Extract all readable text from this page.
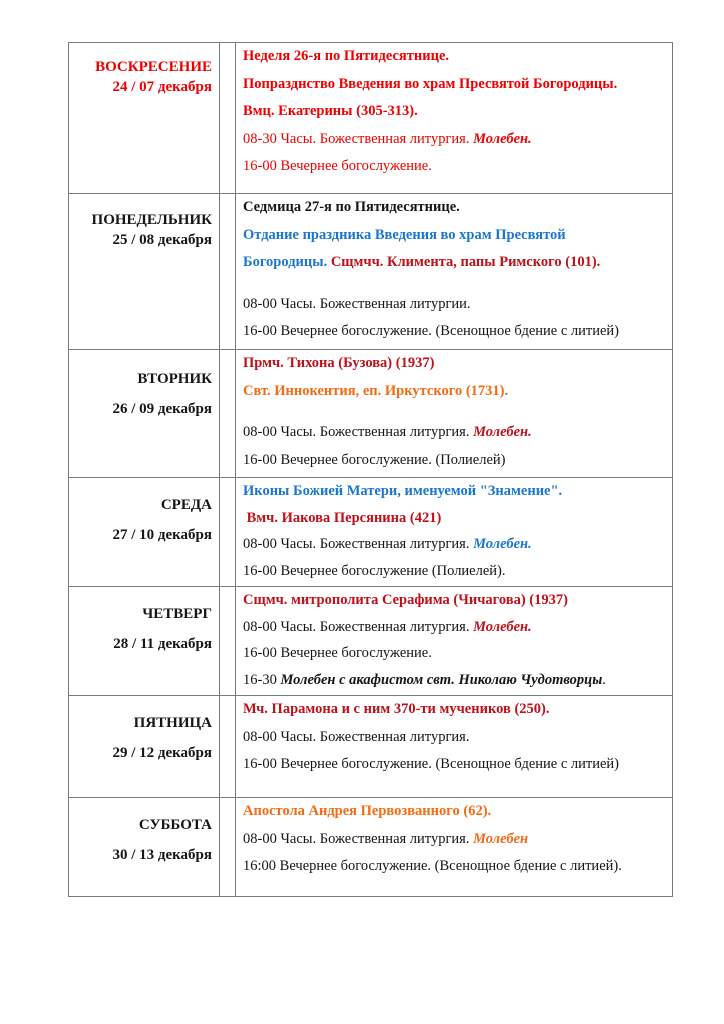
ВОСКРЕСЕНИЕ
24 / 07 декабря		Неделя 26-я по Пятидесятнице.
Попразднство Введения во храм Пресвятой Богородицы.
Вмц. Екатерины (305-313).
08-30 Часы. Божественная литургия. Молебен.
16-00 Вечернее богослужение.

ПОНЕДЕЛЬНИК
25 / 08 декабря		Седмица 27-я по Пятидесятнице.
Отдание праздника Введения во храм Пресвятой
Богородицы. Сщмчч. Климента, папы Римского (101).
08-00 Часы. Божественная литургии.
16-00 Вечернее богослужение. (Всенощное бдение с литией)

ВТОРНИК
26 / 09 декабря		Прмч. Тихона (Бузова) (1937)
Свт. Иннокентия, еп. Иркутского (1731).
08-00 Часы. Божественная литургия. Молебен.
16-00 Вечернее богослужение. (Полиелей)

СРЕДА
27 / 10 декабря		Иконы Божией Матери, именуемой "Знамение".
Вмч. Иакова Персянина (421)
08-00 Часы. Божественная литургия. Молебен.
16-00 Вечернее богослужение (Полиелей).

ЧЕТВЕРГ
28 / 11 декабря		Сщмч. митрополита Серафима (Чичагова) (1937)
08-00 Часы. Божественная литургия. Молебен.
16-00 Вечернее богослужение.
16-30 Молебен с акафистом свт. Николаю Чудотворцы.

ПЯТНИЦА
29 / 12 декабря		Мч. Парамона и с ним 370-ти мучеников (250).
08-00 Часы. Божественная литургия.
16-00 Вечернее богослужение. (Всенощное бдение с литией)

СУББОТА
30 / 13 декабря		Апостола Андрея Первозванного (62).
08-00 Часы. Божественная литургия. Молебен
16:00 Вечернее богослужение. (Всенощное бдение с литией).
